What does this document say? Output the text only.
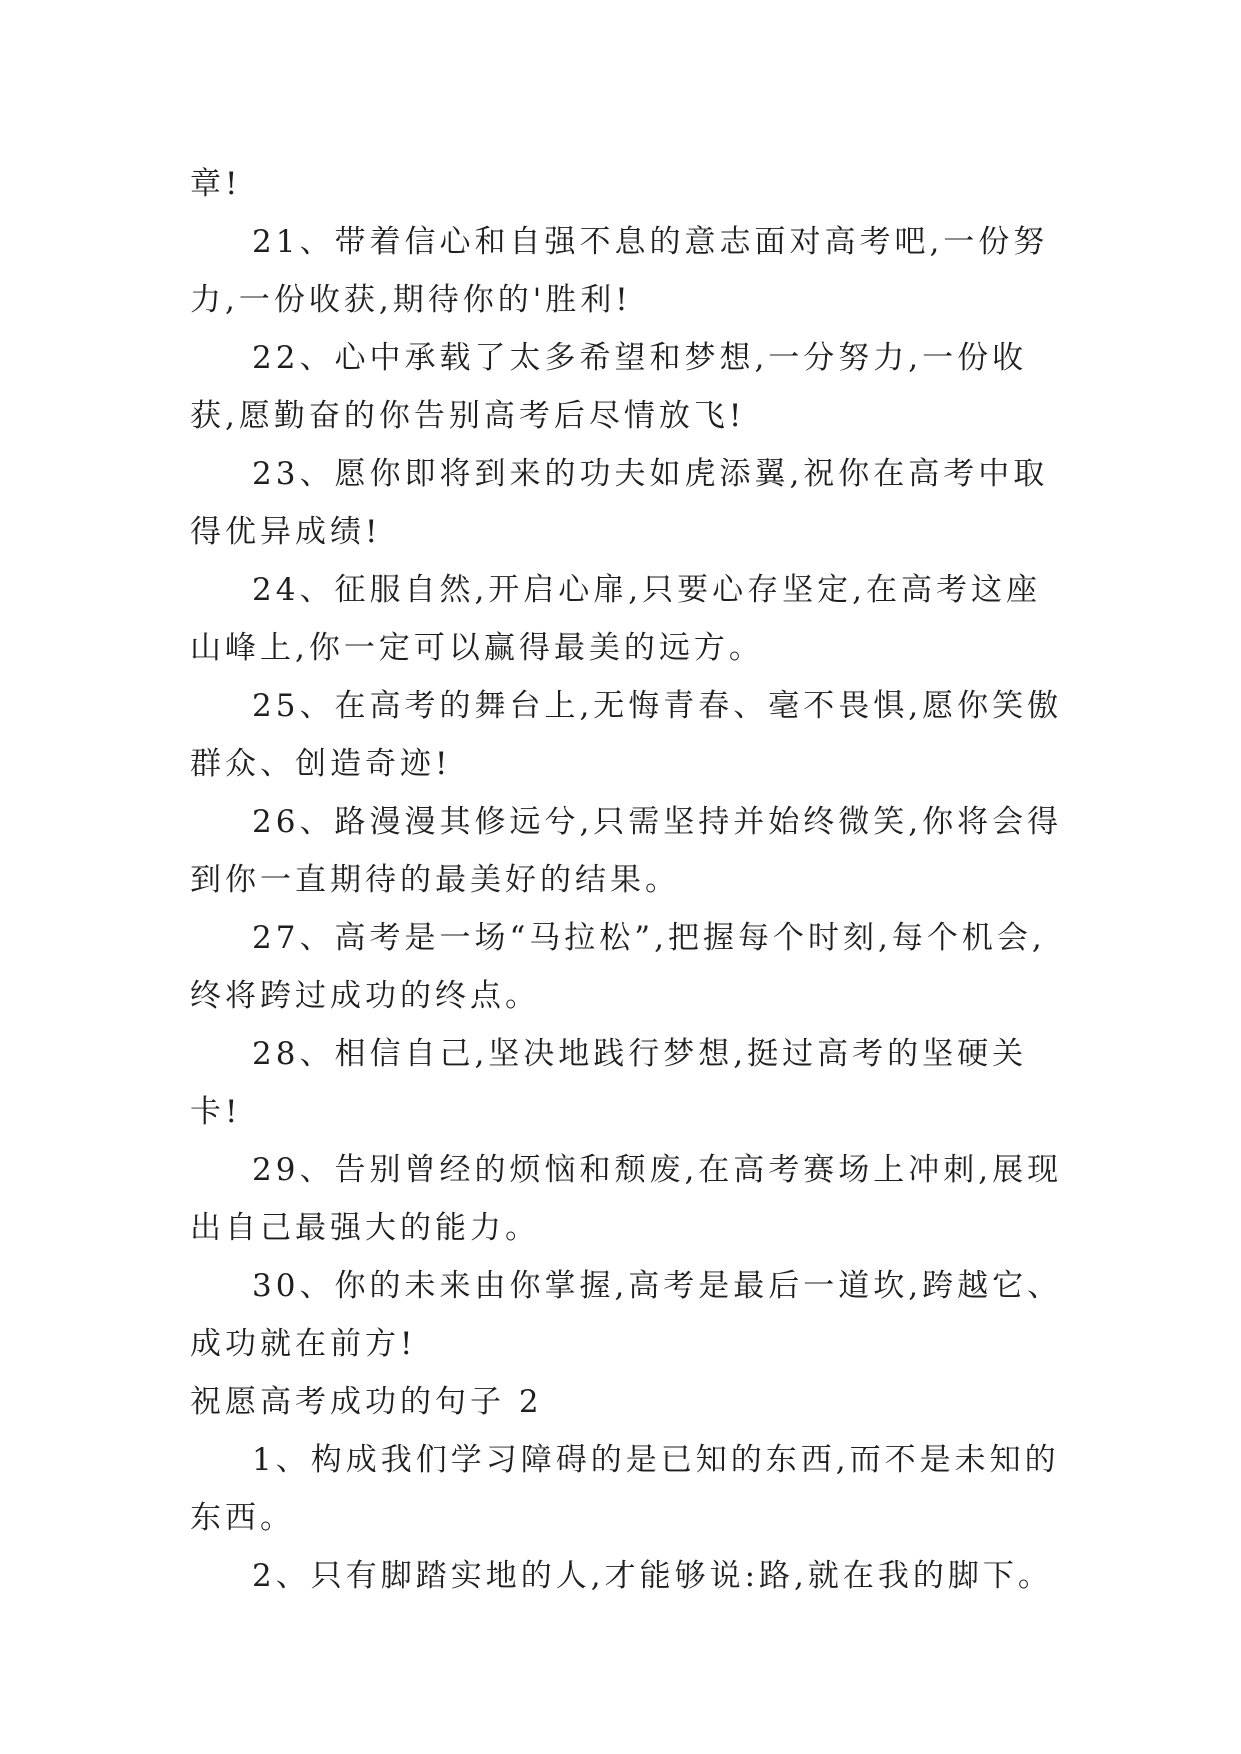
章!

21、带着信心和自强不息的意志面对高考吧,一份努力,一份收获,期待你的'胜利!

22、心中承载了太多希望和梦想,一分努力,一份收获,愿勤奋的你告别高考后尽情放飞!

23、愿你即将到来的功夫如虎添翼,祝你在高考中取得优异成绩!

24、征服自然,开启心扉,只要心存坚定,在高考这座山峰上,你一定可以赢得最美的远方。

25、在高考的舞台上,无悔青春、毫不畏惧,愿你笑傲群众、创造奇迹!

26、路漫漫其修远兮,只需坚持并始终微笑,你将会得到你一直期待的最美好的结果。

27、高考是一场“马拉松”,把握每个时刻,每个机会,终将跨过成功的终点。

28、相信自己,坚决地践行梦想,挺过高考的坚硬关卡!

29、告别曾经的烦恼和颓废,在高考赛场上冲刺,展现出自己最强大的能力。

30、你的未来由你掌握,高考是最后一道坎,跨越它、成功就在前方!

祝愿高考成功的句子 2

1、构成我们学习障碍的是已知的东西,而不是未知的东西。

2、只有脚踏实地的人,才能够说:路,就在我的脚下。
